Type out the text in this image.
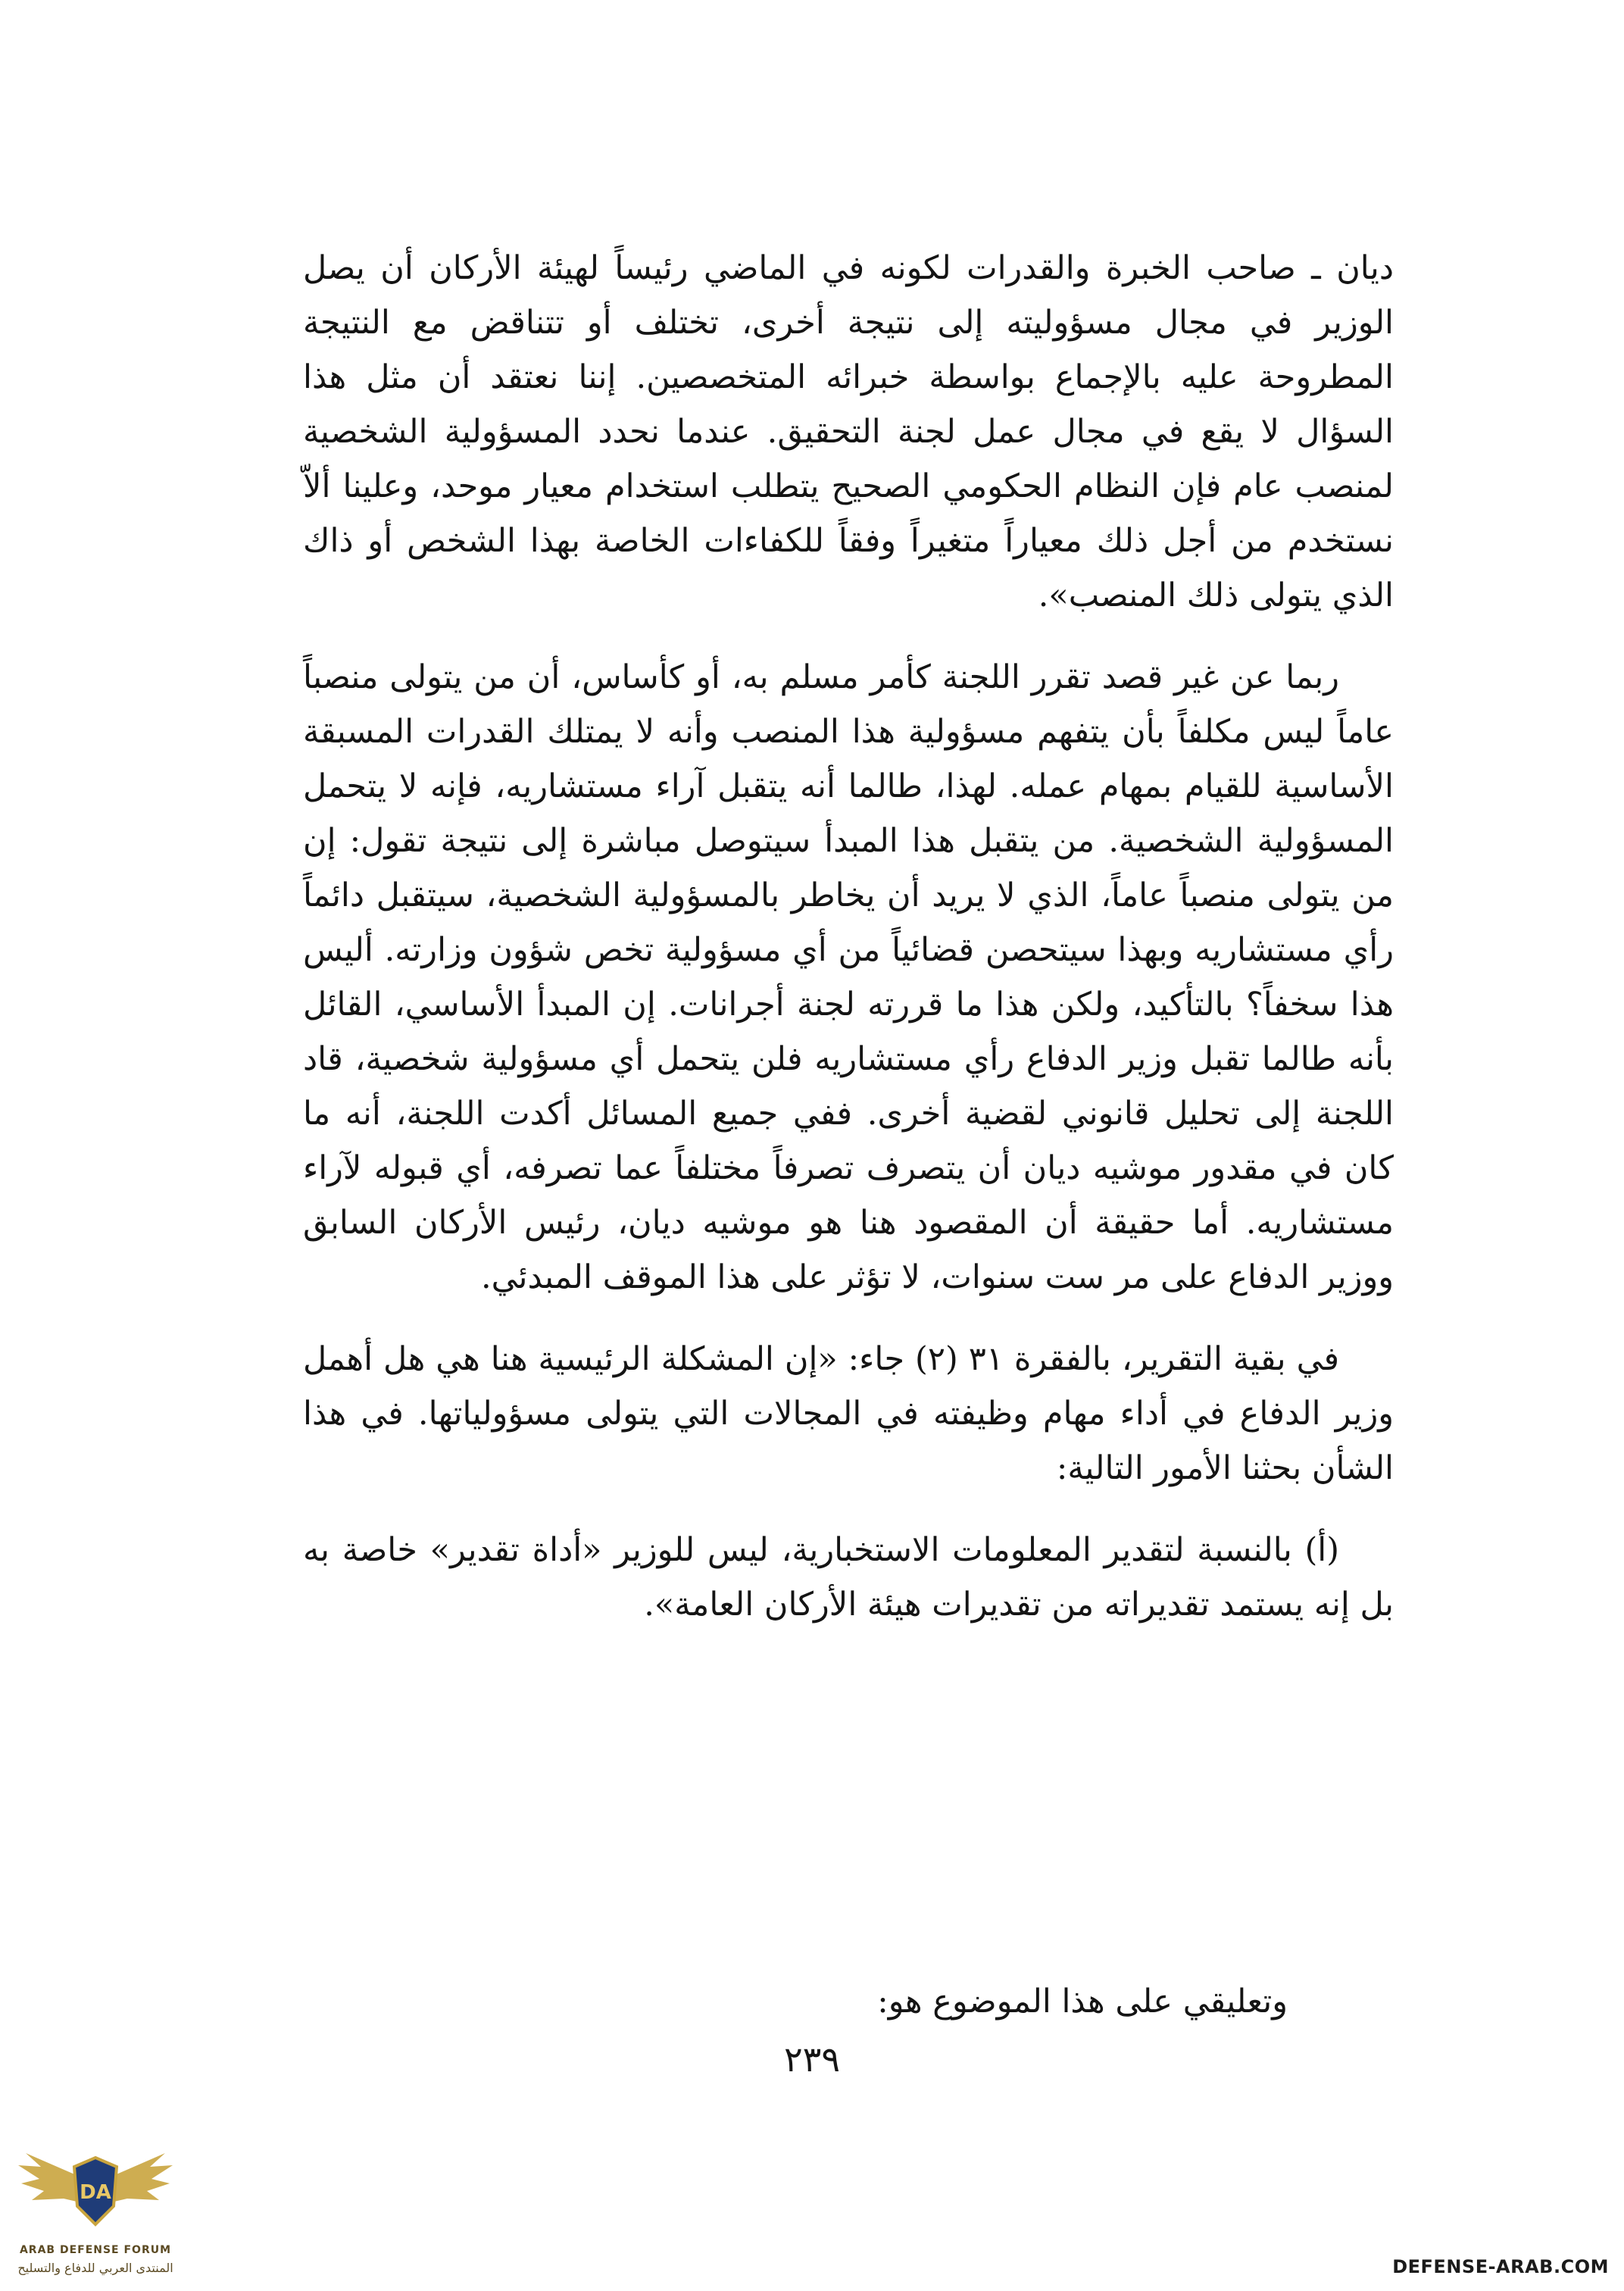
ديان ـ صاحب الخبرة والقدرات لكونه في الماضي رئيساً لهيئة الأركان أن يصل الوزير في مجال مسؤوليته إلى نتيجة أخرى، تختلف أو تتناقض مع النتيجة المطروحة عليه بالإجماع بواسطة خبرائه المتخصصين. إننا نعتقد أن مثل هذا السؤال لا يقع في مجال عمل لجنة التحقيق. عندما نحدد المسؤولية الشخصية لمنصب عام فإن النظام الحكومي الصحيح يتطلب استخدام معيار موحد، وعلينا ألاّ نستخدم من أجل ذلك معياراً متغيراً وفقاً للكفاءات الخاصة بهذا الشخص أو ذاك الذي يتولى ذلك المنصب».

ربما عن غير قصد تقرر اللجنة كأمر مسلم به، أو كأساس، أن من يتولى منصباً عاماً ليس مكلفاً بأن يتفهم مسؤولية هذا المنصب وأنه لا يمتلك القدرات المسبقة الأساسية للقيام بمهام عمله. لهذا، طالما أنه يتقبل آراء مستشاريه، فإنه لا يتحمل المسؤولية الشخصية. من يتقبل هذا المبدأ سيتوصل مباشرة إلى نتيجة تقول: إن من يتولى منصباً عاماً، الذي لا يريد أن يخاطر بالمسؤولية الشخصية، سيتقبل دائماً رأي مستشاريه وبهذا سيتحصن قضائياً من أي مسؤولية تخص شؤون وزارته. أليس هذا سخفاً؟ بالتأكيد، ولكن هذا ما قررته لجنة أجرانات. إن المبدأ الأساسي، القائل بأنه طالما تقبل وزير الدفاع رأي مستشاريه فلن يتحمل أي مسؤولية شخصية، قاد اللجنة إلى تحليل قانوني لقضية أخرى. ففي جميع المسائل أكدت اللجنة، أنه ما كان في مقدور موشيه ديان أن يتصرف تصرفاً مختلفاً عما تصرفه، أي قبوله لآراء مستشاريه. أما حقيقة أن المقصود هنا هو موشيه ديان، رئيس الأركان السابق ووزير الدفاع على مر ست سنوات، لا تؤثر على هذا الموقف المبدئي.

في بقية التقرير، بالفقرة ٣١ (٢) جاء: «إن المشكلة الرئيسية هنا هي هل أهمل وزير الدفاع في أداء مهام وظيفته في المجالات التي يتولى مسؤولياتها. في هذا الشأن بحثنا الأمور التالية:

(أ) بالنسبة لتقدير المعلومات الاستخبارية، ليس للوزير «أداة تقدير» خاصة به بل إنه يستمد تقديراته من تقديرات هيئة الأركان العامة».

وتعليقي على هذا الموضوع هو:
٢٣٩
DA
ARAB DEFENSE FORUM
المنتدى العربي للدفاع والتسليح	DEFENSE-ARAB.COM
